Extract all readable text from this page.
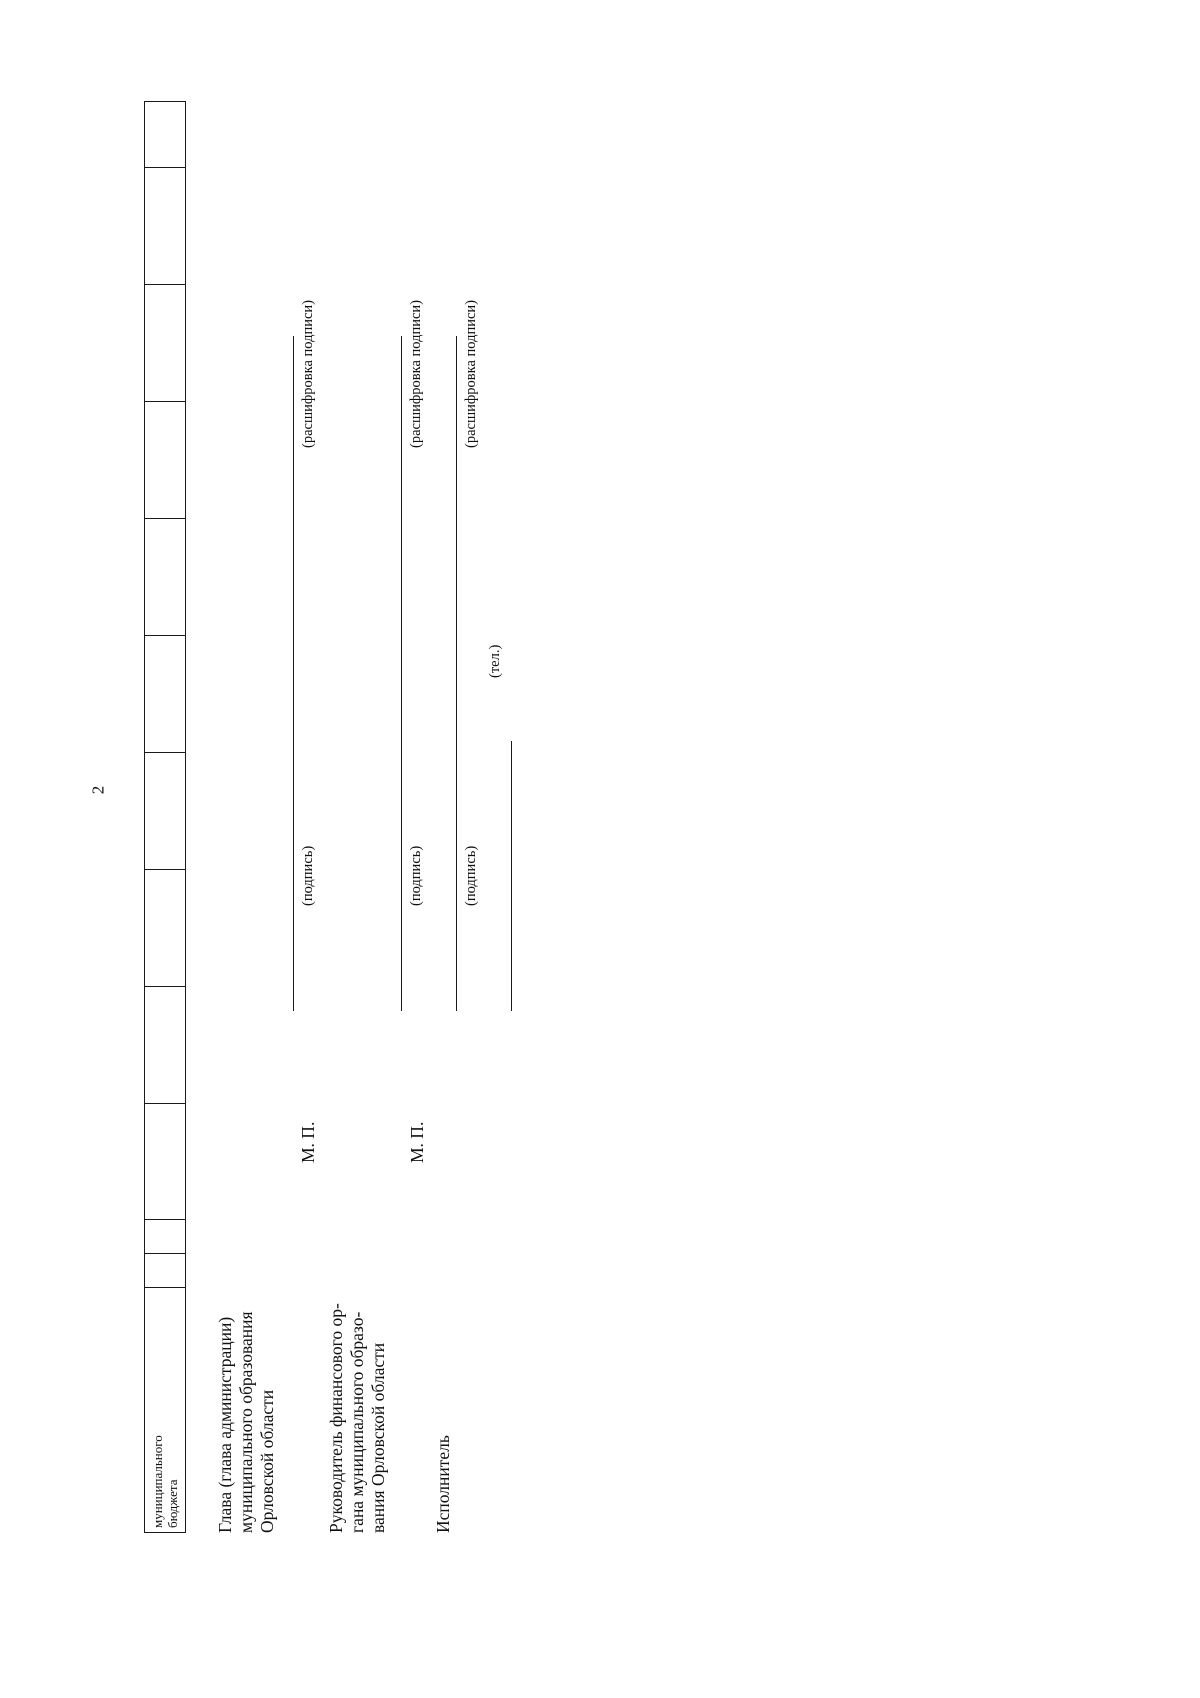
2
муниципального бюджета
												Глава (глава администрации) муниципального образования Орловской области
М. П.
(подпись)
(расшифровка подписи)
Руководитель финансового ор- гана муниципального образо- вания Орловской области
М. П.
(подпись)
(расшифровка подписи)
Исполнитель
(подпись)
(расшифровка подписи)
(тел.)
